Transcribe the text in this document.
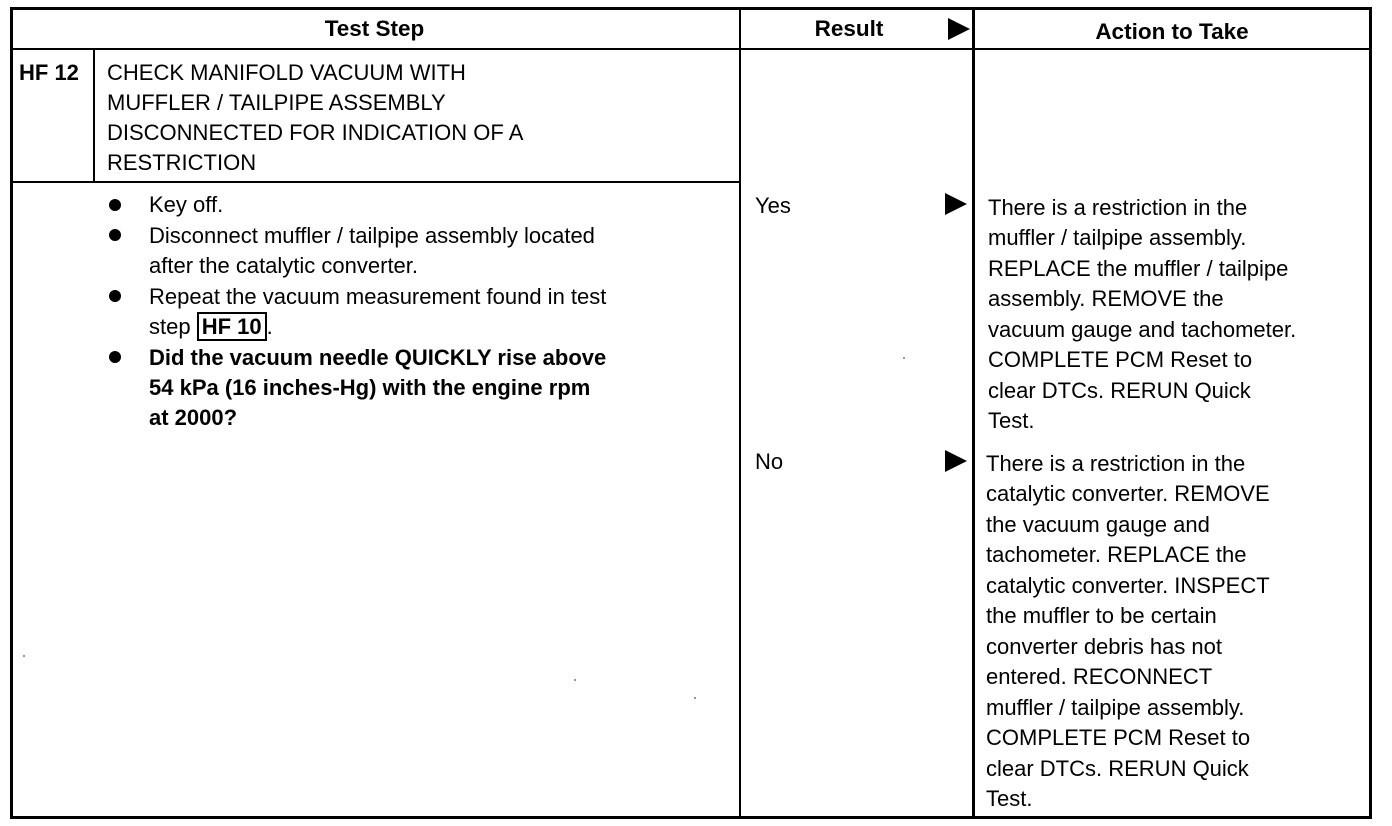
Test Step	Result	Action to Take
HF 12 CHECK MANIFOLD VACUUM WITH
MUFFLER / TAILPIPE ASSEMBLY
DISCONNECTED FOR INDICATION OF A
RESTRICTION
Key off.
Disconnect muffler / tailpipe assembly located
after the catalytic converter.
Repeat the vacuum measurement found in test
step HF 10 .
Did the vacuum needle QUICKLY rise above
54 kPa (16 inches-Hg) with the engine rpm
at 2000?
Yes	There is a restriction in the
muffler / tailpipe assembly.
REPLACE the muffler / tailpipe
assembly. REMOVE the
vacuum gauge and tachometer.
COMPLETE PCM Reset to
clear DTCs. RERUN Quick
Test.
No	There is a restriction in the
catalytic converter. REMOVE
the vacuum gauge and
tachometer. REPLACE the
catalytic converter. INSPECT
the muffler to be certain
converter debris has not
entered. RECONNECT
muffler / tailpipe assembly.
COMPLETE PCM Reset to
clear DTCs. RERUN Quick
Test.
